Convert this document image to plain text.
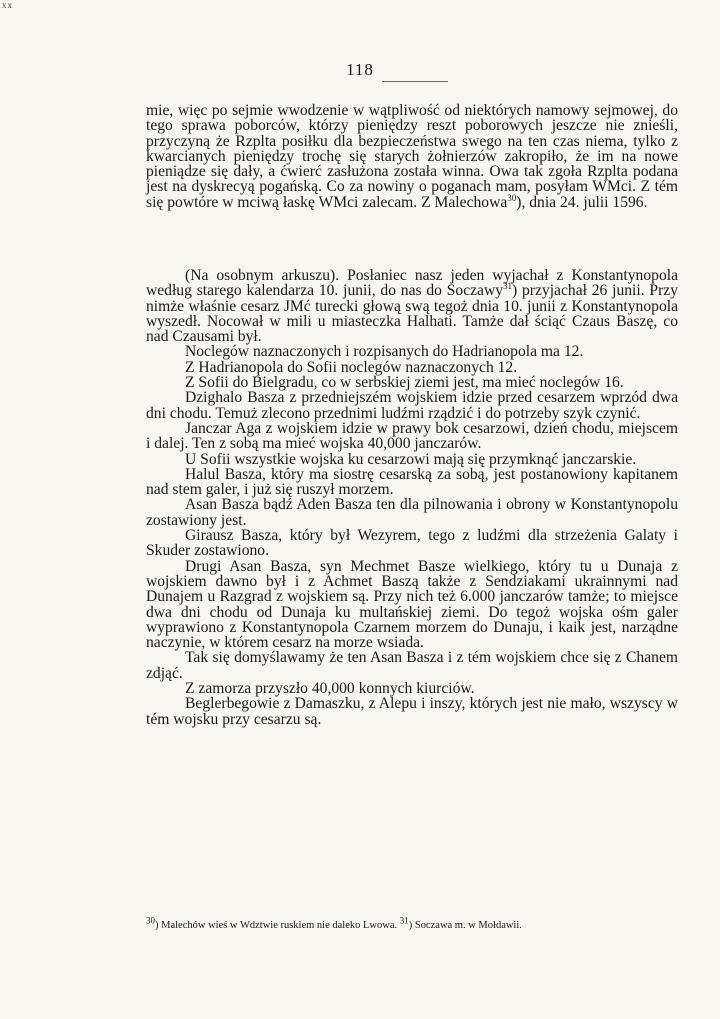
xx
118

mie, więc po sejmie wwodzenie w wątpliwość od niektórych namowy sejmowej, do tego sprawa poborców, którzy pieniędzy reszt poborowych jeszcze nie znieśli, przyczyną że Rzplta posiłku dla bezpieczeństwa swego na ten czas niema, tylko z kwarcianych pieniędzy trochę się starych żołnierzów zakropiło, że im na nowe pieniądze się dały, a ćwierć zasłużona została winna. Owa tak zgoła Rzplta podana jest na dyskrecyą pogańską. Co za nowiny o poganach mam, posyłam WMci. Z tém się powtóre w mciwą łaskę WMci zalecam. Z Malechowa$^{30}$), dnia 24. julii 1596.

(Na osobnym arkuszu). Posłaniec nasz jeden wyjachał z Konstantynopola według starego kalendarza 10. junii, do nas do Soczawy$^{31}$) przyjachał 26 junii. Przy nimże właśnie cesarz JMć turecki głową swą tegoż dnia 10. junii z Konstantynopola wyszedł. Nocował w mili u miasteczka Halhati. Tamże dał ściąć Czaus Baszę, co nad Czausami był.

Noclegów naznaczonych i rozpisanych do Hadrianopola ma 12.

Z Hadrianopola do Sofii noclegów naznaczonych 12.

Z Sofii do Bielgradu, co w serbskiej ziemi jest, ma mieć noclegów 16.

Dzighalo Basza z przedniejszém wojskiem idzie przed cesarzem wprzód dwa dni chodu. Temuż zlecono przednimi ludźmi rządzić i do potrzeby szyk czynić.

Janczar Aga z wojskiem idzie w prawy bok cesarzowi, dzień chodu, miejscem i dalej. Ten z sobą ma mieć wojska 40,000 janczarów.

U Sofii wszystkie wojska ku cesarzowi mają się przymknąć janczarskie.

Halul Basza, który ma siostrę cesarską za sobą, jest postanowiony kapitanem nad stem galer, i już się ruszył morzem.

Asan Basza bądź Aden Basza ten dla pilnowania i obrony w Konstantynopolu zostawiony jest.

Girausz Basza, który był Wezyrem, tego z ludźmi dla strzeżenia Galaty i Skuder zostawiono.

Drugi Asan Basza, syn Mechmet Basze wielkiego, który tu u Dunaja z wojskiem dawno był i z Achmet Baszą także z Sendziakami ukrainnymi nad Dunajem u Razgrad z wojskiem są. Przy nich też 6.000 janczarów tamże; to miejsce dwa dni chodu od Dunaja ku multańskiej ziemi. Do tegoż wojska ośm galer wyprawiono z Konstantynopola Czarnem morzem do Dunaju, i kaik jest, narządne naczynie, w którem cesarz na morze wsiada.

Tak się domyślawamy że ten Asan Basza i z tém wojskiem chce się z Chanem zdjąć.

Z zamorza przyszło 40,000 konnych kiurciów.

Beglerbegowie z Damaszku, z Alepu i inszy, których jest nie mało, wszyscy w tém wojsku przy cesarzu są.

$^{30}$) Malechów wieś w Wdztwie ruskiem nie daleko Lwowa. $^{31}$) Soczawa m. w Mołdawii.
